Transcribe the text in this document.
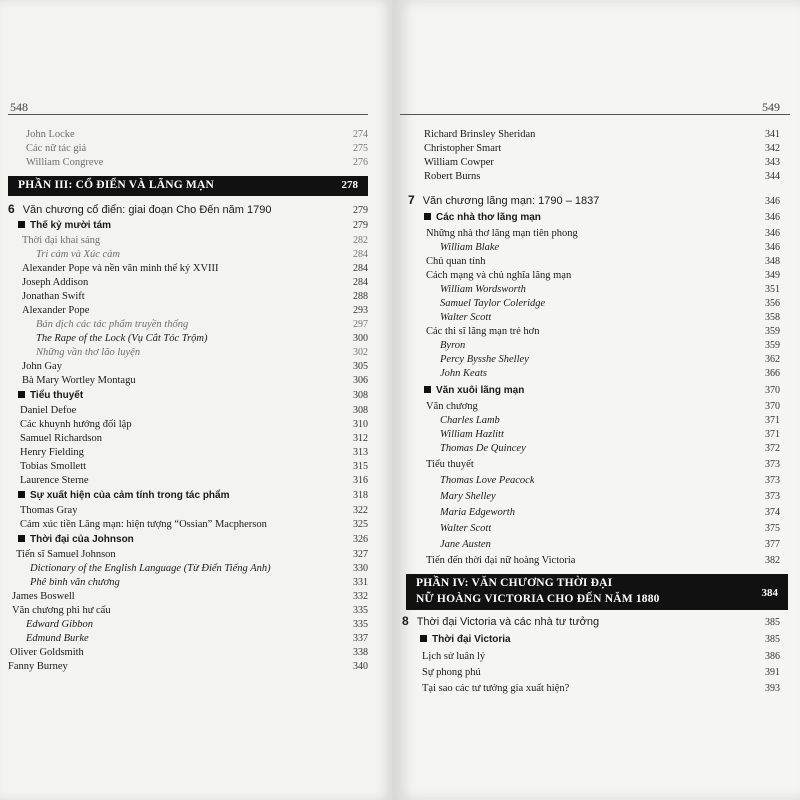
548
John Locke	274
Các nữ tác giả	275
William Congreve	276
PHẦN III: CỔ ĐIỂN VÀ LÃNG MẠN	278
6 Văn chương cổ điển: giai đoạn Cho Đến năm 1790	279
Thế kỷ mười tám	279
Thời đại khai sáng	282
Tri cảm và Xúc cảm	284
Alexander Pope và nền văn minh thế kỷ XVIII	284
Joseph Addison	284
Jonathan Swift	288
Alexander Pope	293
Bản dịch các tác phẩm truyền thống	297
The Rape of the Lock (Vụ Cắt Tóc Trộm)	300
Những vần thơ lão luyện	302
John Gay	305
Bà Mary Wortley Montagu	306
Tiểu thuyết	308
Daniel Defoe	308
Các khuynh hướng đối lập	310
Samuel Richardson	312
Henry Fielding	313
Tobias Smollett	315
Laurence Sterne	316
Sự xuất hiện của cảm tính trong tác phẩm	318
Thomas Gray	322
Cảm xúc tiền Lãng mạn: hiện tượng “Ossian” Macpherson	325
Thời đại của Johnson	326
Tiến sĩ Samuel Johnson	327
Dictionary of the English Language (Từ Điển Tiếng Anh)	330
Phê bình văn chương	331
James Boswell	332
Văn chương phi hư cấu	335
Edward Gibbon	335
Edmund Burke	337
Oliver Goldsmith	338
Fanny Burney	340
549
Richard Brinsley Sheridan	341
Christopher Smart	342
William Cowper	343
Robert Burns	344
7 Văn chương lãng mạn: 1790 – 1837	346
Các nhà thơ lãng mạn	346
Những nhà thơ lãng mạn tiên phong	346
William Blake	346
Chủ quan tính	348
Cách mạng và chủ nghĩa lãng mạn	349
William Wordsworth	351
Samuel Taylor Coleridge	356
Walter Scott	358
Các thi sĩ lãng mạn trẻ hơn	359
Byron	359
Percy Bysshe Shelley	362
John Keats	366
Văn xuôi lãng mạn	370
Văn chương	370
Charles Lamb	371
William Hazlitt	371
Thomas De Quincey	372
Tiểu thuyết	373
Thomas Love Peacock	373
Mary Shelley	373
Maria Edgeworth	374
Walter Scott	375
Jane Austen	377
Tiến đến thời đại nữ hoàng Victoria	382
PHẦN IV: VĂN CHƯƠNG THỜI ĐẠI
NỮ HOÀNG VICTORIA CHO ĐẾN NĂM 1880	384
8 Thời đại Victoria và các nhà tư tưởng	385
Thời đại Victoria	385
Lịch sử luân lý	386
Sự phong phú	391
Tại sao các tư tưởng gia xuất hiện?	393
